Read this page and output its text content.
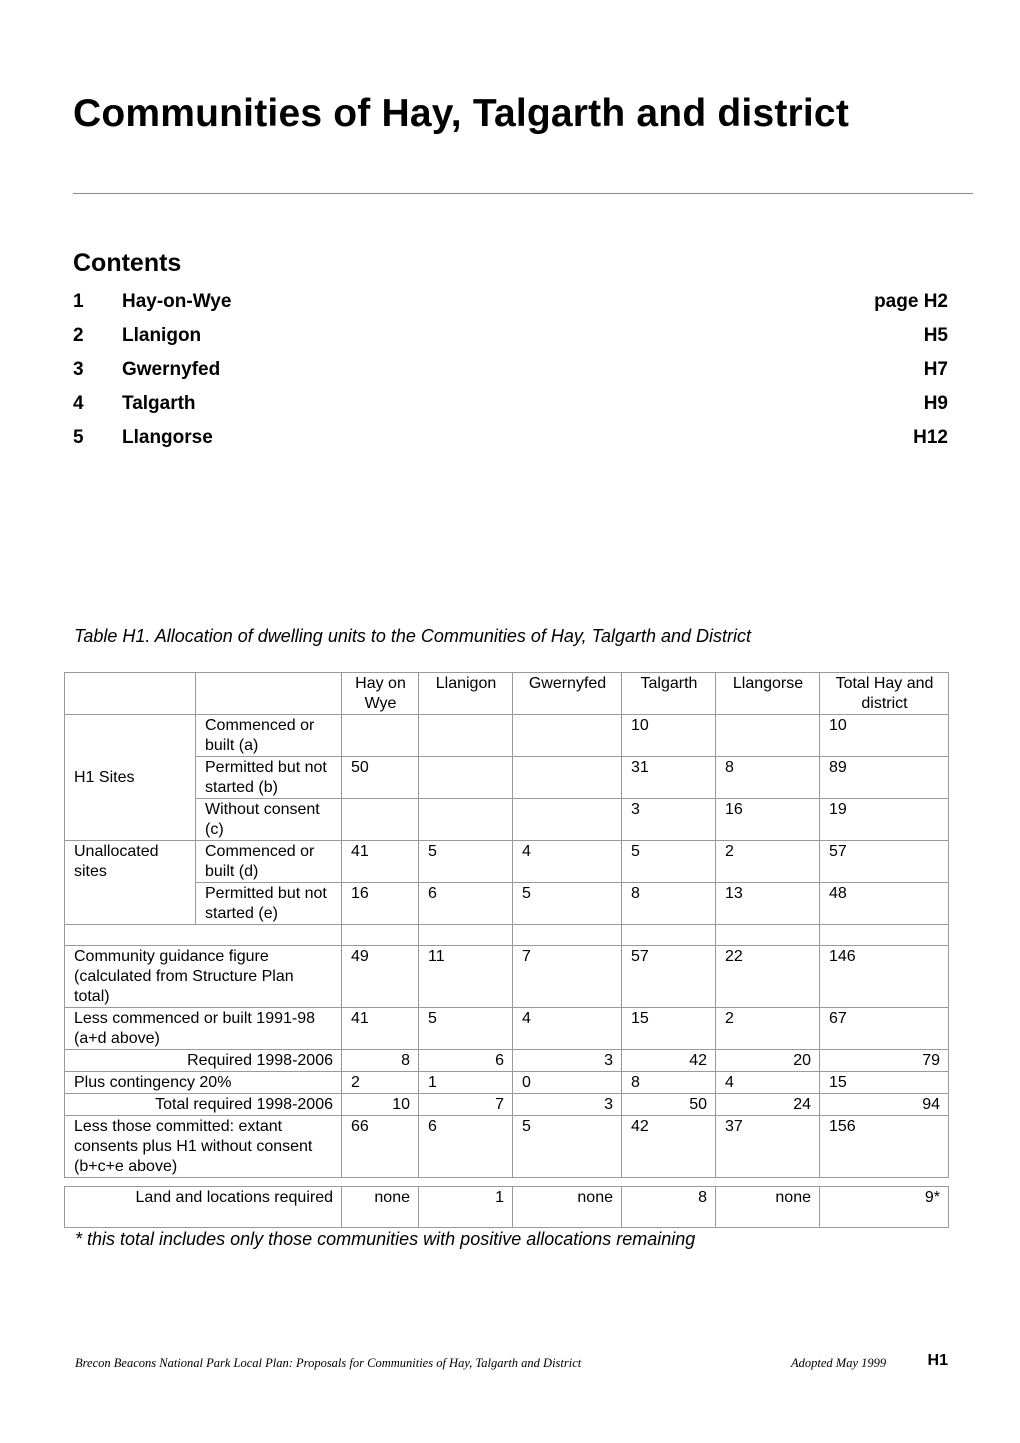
Communities of Hay, Talgarth and district
Contents
1 Hay-on-Wye	page H2
2 Llanigon	H5
3 Gwernyfed	H7
4 Talgarth	H9
5 Llangorse	H12

Table H1. Allocation of dwelling units to the Communities of Hay, Talgarth and District

		Hay on Wye	Llanigon	Gwernyfed	Talgarth	Llangorse	Total Hay and district
H1 Sites	Commenced or built (a)				10		10
	Permitted but not started (b)	50			31	8	89
	Without consent (c)				3	16	19
Unallocated sites	Commenced or built (d)	41	5	4	5	2	57
	Permitted but not started (e)	16	6	5	8	13	48

Community guidance figure (calculated from Structure Plan total)		49	11	7	57	22	146
Less commenced or built 1991-98 (a+d above)		41	5	4	15	2	67
Required 1998-2006		8	6	3	42	20	79
Plus contingency 20%		2	1	0	8	4	15
Total required 1998-2006		10	7	3	50	24	94
Less those committed: extant consents plus H1 without consent (b+c+e above)		66	6	5	42	37	156
Land and locations required	none	1	none	8	none	9*

* this total includes only those communities with positive allocations remaining

Brecon Beacons National Park Local Plan: Proposals for Communities of Hay, Talgarth and District	Adopted May 1999	H1
